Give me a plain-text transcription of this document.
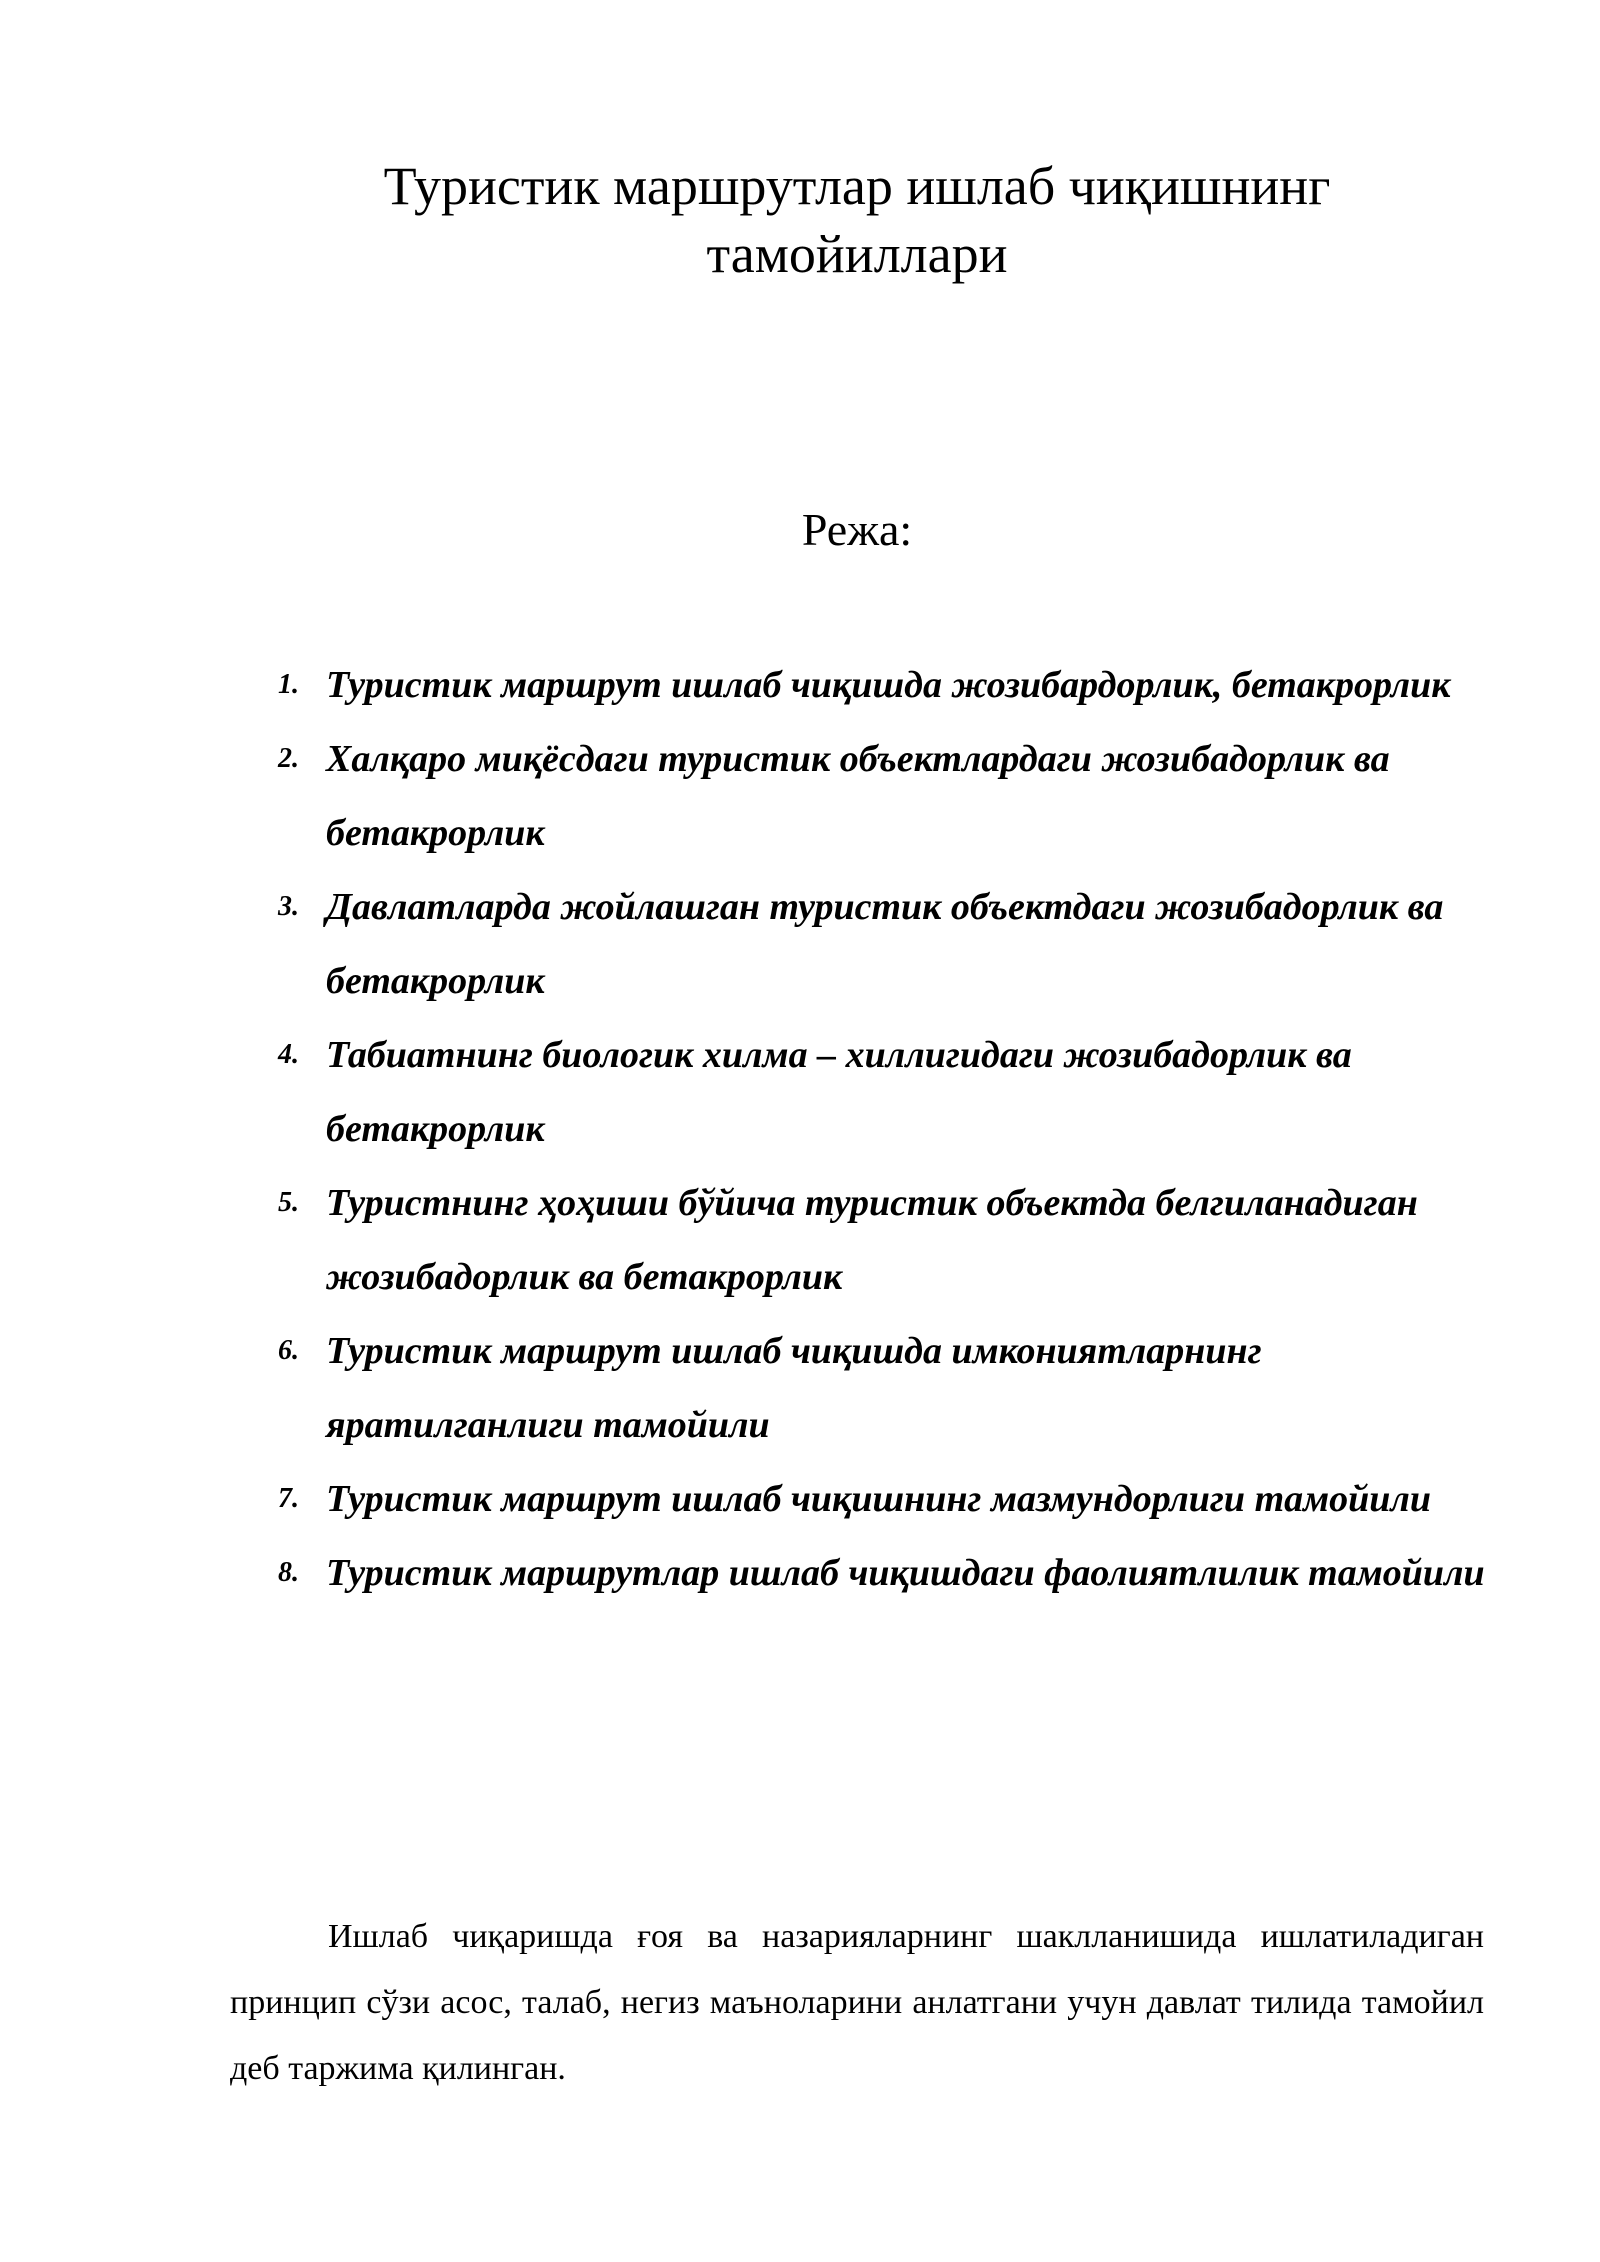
Туристик маршрутлар ишлаб чиқишнинг тамойиллари
Режа:
1. Туристик маршрут ишлаб чиқишда жозибардорлик, бетакрорлик
2. Халқаро миқёсдаги туристик объектлардаги жозибадорлик ва бетакрорлик
3. Давлатларда жойлашган туристик объектдаги жозибадорлик ва бетакрорлик
4. Табиатнинг биологик хилма – хиллигидаги жозибадорлик ва бетакрорлик
5. Туристнинг ҳоҳиши бўйича туристик объектда белгиланадиган жозибадорлик ва бетакрорлик
6. Туристик маршрут ишлаб чиқишда имкониятларнинг яратилганлиги тамойили
7. Туристик маршрут ишлаб чиқишнинг мазмундорлиги тамойили
8. Туристик маршрутлар ишлаб чиқишдаги фаолиятлилик тамойили

Ишлаб чиқаришда ғоя ва назарияларнинг шаклланишида ишлатиладиган принцип сўзи асос, талаб, негиз маъноларини анлатгани учун давлат тилида тамойил деб таржима қилинган.
